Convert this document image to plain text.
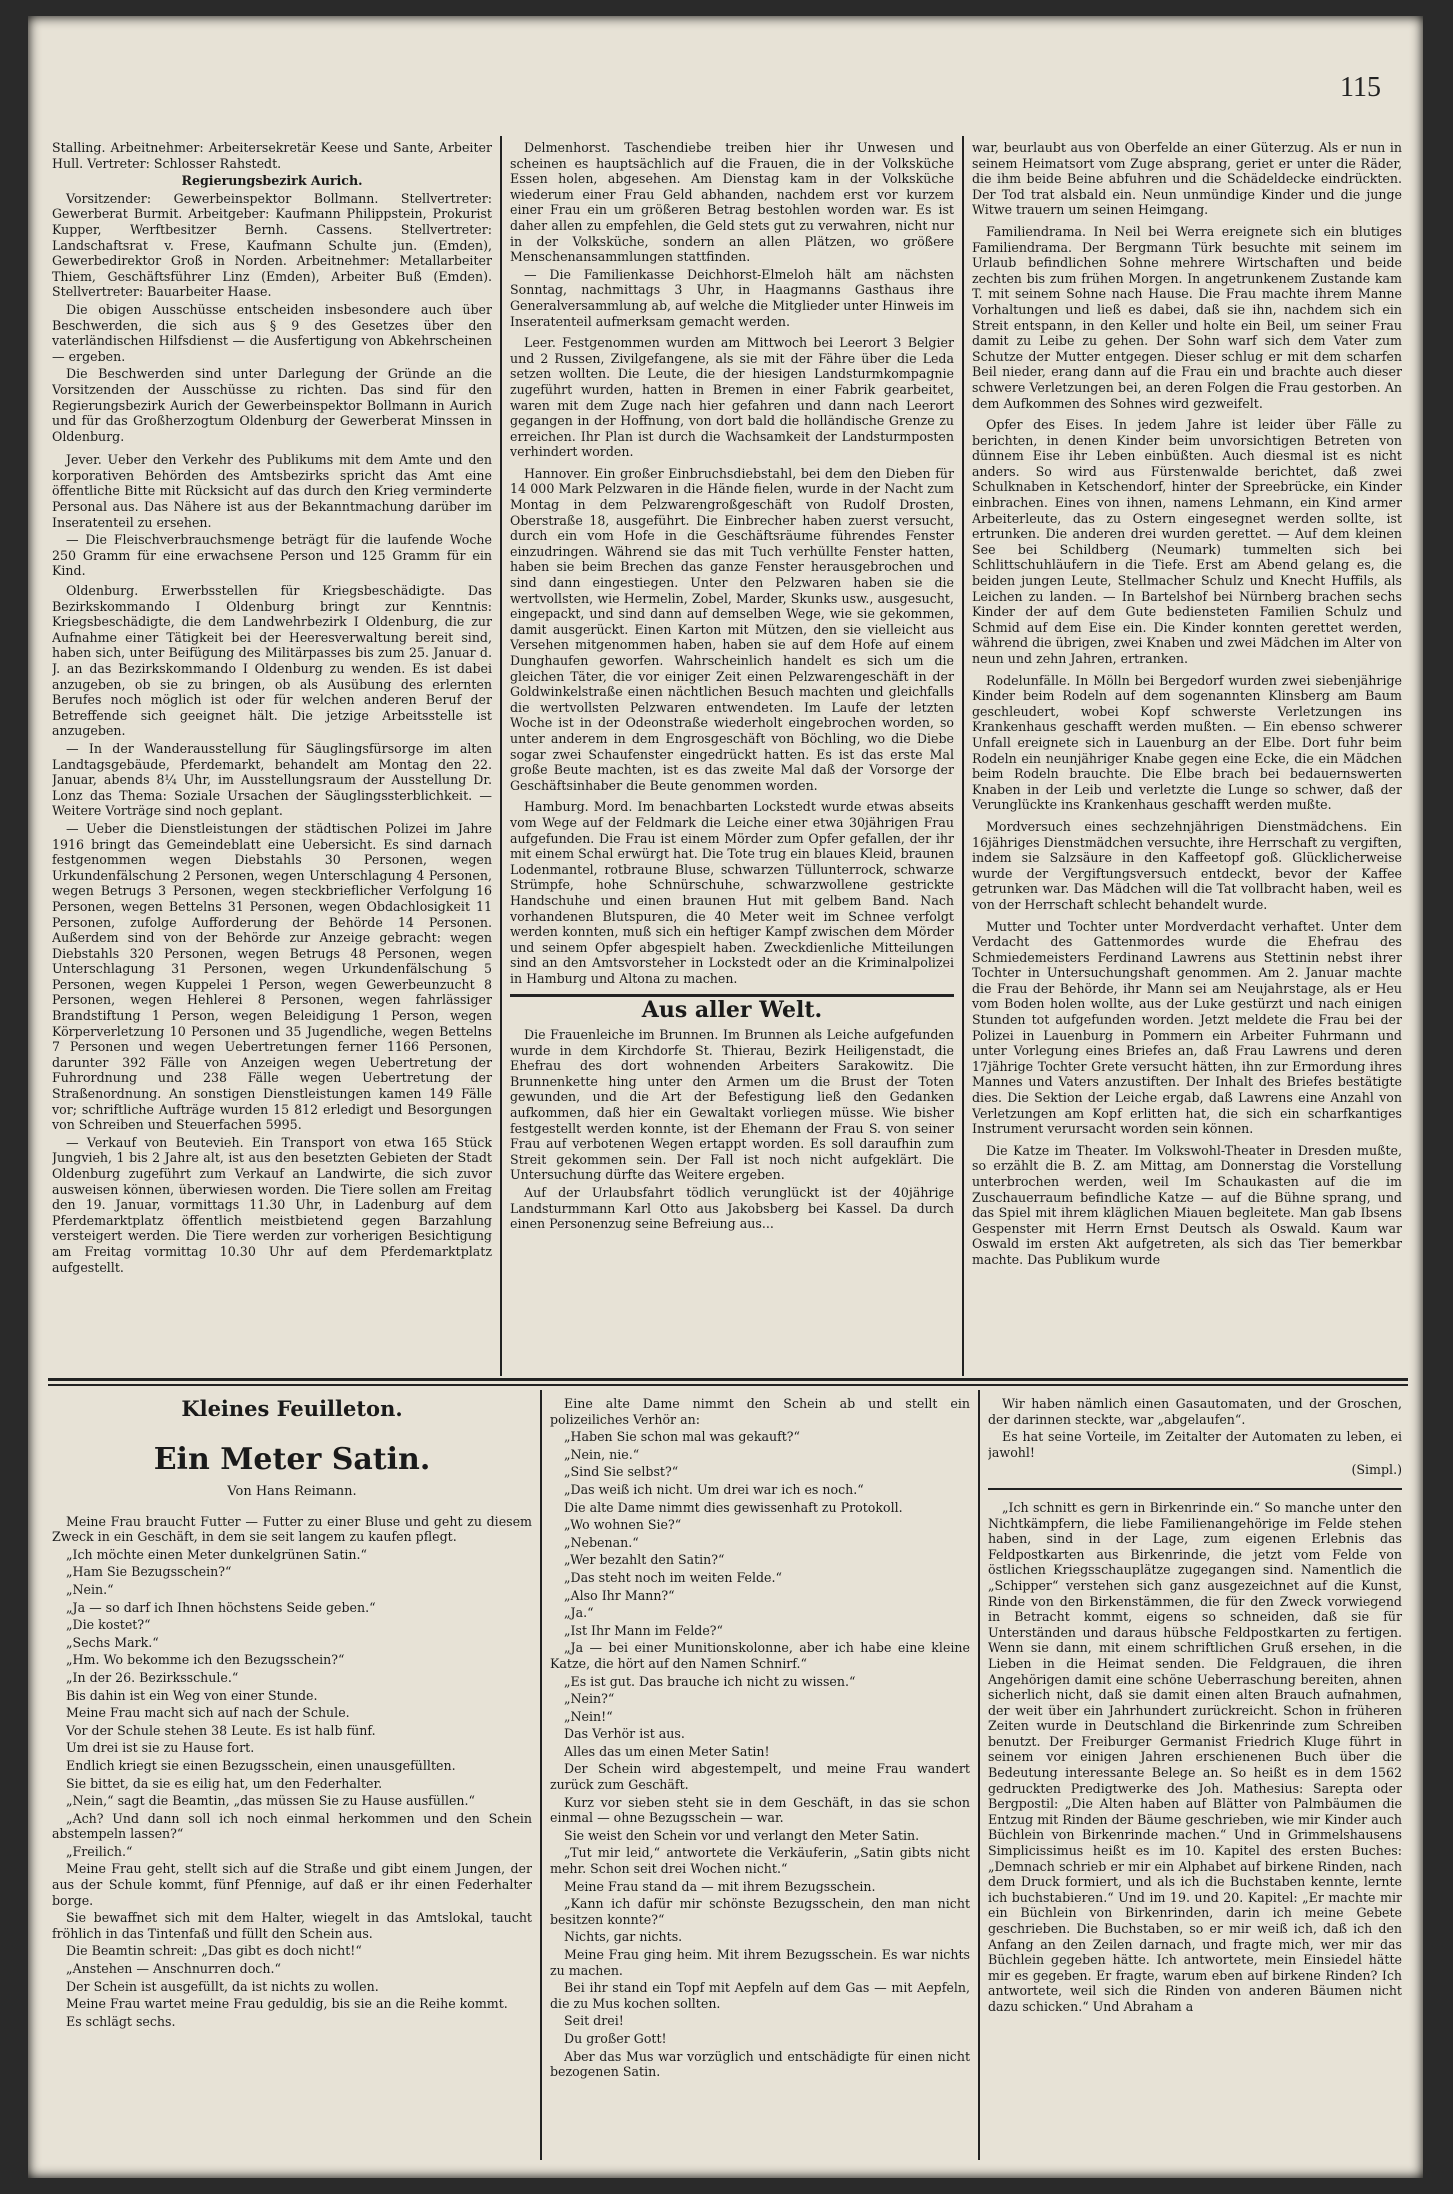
115

Stalling. Arbeitnehmer: Arbeitersekretär Keese und Sante, Arbeiter Hull. Vertreter: Schlosser Rahstedt.

Regierungsbezirk Aurich.

Vorsitzender: Gewerbeinspektor Bollmann. Stellvertreter: Gewerberat Burmit. Arbeitgeber: Kaufmann Philippstein, Prokurist Kupper, Werftbesitzer Bernh. Cassens. Stellvertreter: Landschaftsrat v. Frese, Kaufmann Schulte jun. (Emden), Gewerbedirektor Groß in Norden. Arbeitnehmer: Metallarbeiter Thiem, Geschäftsführer Linz (Emden), Arbeiter Buß (Emden). Stellvertreter: Bauarbeiter Haase.

Die obigen Ausschüsse entscheiden insbesondere auch über Beschwerden, die sich aus § 9 des Gesetzes über den vaterländischen Hilfsdienst — die Ausfertigung von Abkehrscheinen — ergeben.

Die Beschwerden sind unter Darlegung der Gründe an die Vorsitzenden der Ausschüsse zu richten. Das sind für den Regierungsbezirk Aurich der Gewerbeinspektor Bollmann in Aurich und für das Großherzogtum Oldenburg der Gewerberat Minssen in Oldenburg.

Jever. Ueber den Verkehr des Publikums mit dem Amte und den korporativen Behörden des Amtsbezirks spricht das Amt eine öffentliche Bitte mit Rücksicht auf das durch den Krieg verminderte Personal aus. Das Nähere ist aus der Bekanntmachung darüber im Inseratenteil zu ersehen.

— Die Fleischverbrauchsmenge beträgt für die laufende Woche 250 Gramm für eine erwachsene Person und 125 Gramm für ein Kind.

Oldenburg. Erwerbsstellen für Kriegsbeschädigte. Das Bezirkskommando I Oldenburg bringt zur Kenntnis: Kriegsbeschädigte, die dem Landwehrbezirk I Oldenburg, die zur Aufnahme einer Tätigkeit bei der Heeresverwaltung bereit sind, haben sich, unter Beifügung des Militärpasses bis zum 25. Januar d. J. an das Bezirkskommando I Oldenburg zu wenden. Es ist dabei anzugeben, ob sie zu bringen, ob als Ausübung des erlernten Berufes noch möglich ist oder für welchen anderen Beruf der Betreffende sich geeignet hält. Die jetzige Arbeitsstelle ist anzugeben.

— In der Wanderausstellung für Säuglingsfürsorge im alten Landtagsgebäude, Pferdemarkt, behandelt am Montag den 22. Januar, abends 8¼ Uhr, im Ausstellungsraum der Ausstellung Dr. Lonz das Thema: Soziale Ursachen der Säuglingssterblichkeit. — Weitere Vorträge sind noch geplant.

— Ueber die Dienstleistungen der städtischen Polizei im Jahre 1916 bringt das Gemeindeblatt eine Uebersicht. Es sind darnach festgenommen wegen Diebstahls 30 Personen, wegen Urkundenfälschung 2 Personen, wegen Unterschlagung 4 Personen, wegen Betrugs 3 Personen, wegen steckbrieflicher Verfolgung 16 Personen, wegen Bettelns 31 Personen, wegen Obdachlosigkeit 11 Personen, zufolge Aufforderung der Behörde 14 Personen. Außerdem sind von der Behörde zur Anzeige gebracht: wegen Diebstahls 320 Personen, wegen Betrugs 48 Personen, wegen Unterschlagung 31 Personen, wegen Urkundenfälschung 5 Personen, wegen Kuppelei 1 Person, wegen Gewerbeunzucht 8 Personen, wegen Hehlerei 8 Personen, wegen fahrlässiger Brandstiftung 1 Person, wegen Beleidigung 1 Person, wegen Körperverletzung 10 Personen und 35 Jugendliche, wegen Bettelns 7 Personen und wegen Uebertretungen ferner 1166 Personen, darunter 392 Fälle von Anzeigen wegen Uebertretung der Fuhrordnung und 238 Fälle wegen Uebertretung der Straßenordnung. An sonstigen Dienstleistungen kamen 149 Fälle vor; schriftliche Aufträge wurden 15 812 erledigt und Besorgungen von Schreiben und Steuerfachen 5995.

— Verkauf von Beutevieh. Ein Transport von etwa 165 Stück Jungvieh, 1 bis 2 Jahre alt, ist aus den besetzten Gebieten der Stadt Oldenburg zugeführt zum Verkauf an Landwirte, die sich zuvor ausweisen können, überwiesen worden. Die Tiere sollen am Freitag den 19. Januar, vormittags 11.30 Uhr, in Ladenburg auf dem Pferdemarktplatz öffentlich meistbietend gegen Barzahlung versteigert werden. Die Tiere werden zur vorherigen Besichtigung am Freitag vormittag 10.30 Uhr auf dem Pferdemarktplatz aufgestellt.

Delmenhorst. Taschendiebe treiben hier ihr Unwesen und scheinen es hauptsächlich auf die Frauen, die in der Volksküche Essen holen, abgesehen. Am Dienstag kam in der Volksküche wiederum einer Frau Geld abhanden, nachdem erst vor kurzem einer Frau ein um größeren Betrag bestohlen worden war. Es ist daher allen zu empfehlen, die Geld stets gut zu verwahren, nicht nur in der Volksküche, sondern an allen Plätzen, wo größere Menschenansammlungen stattfinden.

— Die Familienkasse Deichhorst-Elmeloh hält am nächsten Sonntag, nachmittags 3 Uhr, in Haagmanns Gasthaus ihre Generalversammlung ab, auf welche die Mitglieder unter Hinweis im Inseratenteil aufmerksam gemacht werden.

Leer. Festgenommen wurden am Mittwoch bei Leerort 3 Belgier und 2 Russen, Zivilgefangene, als sie mit der Fähre über die Leda setzen wollten. Die Leute, die der hiesigen Landsturmkompagnie zugeführt wurden, hatten in Bremen in einer Fabrik gearbeitet, waren mit dem Zuge nach hier gefahren und dann nach Leerort gegangen in der Hoffnung, von dort bald die holländische Grenze zu erreichen. Ihr Plan ist durch die Wachsamkeit der Landsturmposten verhindert worden.

Hannover. Ein großer Einbruchsdiebstahl, bei dem den Dieben für 14 000 Mark Pelzwaren in die Hände fielen, wurde in der Nacht zum Montag in dem Pelzwarengroßgeschäft von Rudolf Drosten, Oberstraße 18, ausgeführt. Die Einbrecher haben zuerst versucht, durch ein vom Hofe in die Geschäftsräume führendes Fenster einzudringen. Während sie das mit Tuch verhüllte Fenster hatten, haben sie beim Brechen das ganze Fenster herausgebrochen und sind dann eingestiegen. Unter den Pelzwaren haben sie die wertvollsten, wie Hermelin, Zobel, Marder, Skunks usw., ausgesucht, eingepackt, und sind dann auf demselben Wege, wie sie gekommen, damit ausgerückt. Einen Karton mit Mützen, den sie vielleicht aus Versehen mitgenommen haben, haben sie auf dem Hofe auf einem Dunghaufen geworfen. Wahrscheinlich handelt es sich um die gleichen Täter, die vor einiger Zeit einen Pelzwarengeschäft in der Goldwinkelstraße einen nächtlichen Besuch machten und gleichfalls die wertvollsten Pelzwaren entwendeten. Im Laufe der letzten Woche ist in der Odeonstraße wiederholt eingebrochen worden, so unter anderem in dem Engrosgeschäft von Böchling, wo die Diebe sogar zwei Schaufenster eingedrückt hatten. Es ist das erste Mal große Beute machten, ist es das zweite Mal daß der Vorsorge der Geschäftsinhaber die Beute genommen worden.

Hamburg. Mord. Im benachbarten Lockstedt wurde etwas abseits vom Wege auf der Feldmark die Leiche einer etwa 30jährigen Frau aufgefunden. Die Frau ist einem Mörder zum Opfer gefallen, der ihr mit einem Schal erwürgt hat. Die Tote trug ein blaues Kleid, braunen Lodenmantel, rotbraune Bluse, schwarzen Tüllunterrock, schwarze Strümpfe, hohe Schnürschuhe, schwarzwollene gestrickte Handschuhe und einen braunen Hut mit gelbem Band. Nach vorhandenen Blutspuren, die 40 Meter weit im Schnee verfolgt werden konnten, muß sich ein heftiger Kampf zwischen dem Mörder und seinem Opfer abgespielt haben. Zweckdienliche Mitteilungen sind an den Amtsvorsteher in Lockstedt oder an die Kriminalpolizei in Hamburg und Altona zu machen.

Aus aller Welt.

Die Frauenleiche im Brunnen. Im Brunnen als Leiche aufgefunden wurde in dem Kirchdorfe St. Thierau, Bezirk Heiligenstadt, die Ehefrau des dort wohnenden Arbeiters Sarakowitz. Die Brunnenkette hing unter den Armen um die Brust der Toten gewunden, und die Art der Befestigung ließ den Gedanken aufkommen, daß hier ein Gewaltakt vorliegen müsse. Wie bisher festgestellt werden konnte, ist der Ehemann der Frau S. von seiner Frau auf verbotenen Wegen ertappt worden. Es soll daraufhin zum Streit gekommen sein. Der Fall ist noch nicht aufgeklärt. Die Untersuchung dürfte das Weitere ergeben.

Auf der Urlaubsfahrt tödlich verunglückt ist der 40jährige Landsturmmann Karl Otto aus Jakobsberg bei Kassel. Da durch einen Personenzug seine Befreiung aus...

war, beurlaubt aus von Oberfelde an einer Güterzug. Als er nun in seinem Heimatsort vom Zuge absprang, geriet er unter die Räder, die ihm beide Beine abfuhren und die Schädeldecke eindrückten. Der Tod trat alsbald ein. Neun unmündige Kinder und die junge Witwe trauern um seinen Heimgang.

Familiendrama. In Neil bei Werra ereignete sich ein blutiges Familiendrama. Der Bergmann Türk besuchte mit seinem im Urlaub befindlichen Sohne mehrere Wirtschaften und beide zechten bis zum frühen Morgen. In angetrunkenem Zustande kam T. mit seinem Sohne nach Hause. Die Frau machte ihrem Manne Vorhaltungen und ließ es dabei, daß sie ihn, nachdem sich ein Streit entspann, in den Keller und holte ein Beil, um seiner Frau damit zu Leibe zu gehen. Der Sohn warf sich dem Vater zum Schutze der Mutter entgegen. Dieser schlug er mit dem scharfen Beil nieder, erang dann auf die Frau ein und brachte auch dieser schwere Verletzungen bei, an deren Folgen die Frau gestorben. An dem Aufkommen des Sohnes wird gezweifelt.

Opfer des Eises. In jedem Jahre ist leider über Fälle zu berichten, in denen Kinder beim unvorsichtigen Betreten von dünnem Eise ihr Leben einbüßten. Auch diesmal ist es nicht anders. So wird aus Fürstenwalde berichtet, daß zwei Schulknaben in Ketschendorf, hinter der Spreebrücke, ein Kinder einbrachen. Eines von ihnen, namens Lehmann, ein Kind armer Arbeiterleute, das zu Ostern eingesegnet werden sollte, ist ertrunken. Die anderen drei wurden gerettet. — Auf dem kleinen See bei Schildberg (Neumark) tummelten sich bei Schlittschuhläufern in die Tiefe. Erst am Abend gelang es, die beiden jungen Leute, Stellmacher Schulz und Knecht Huffils, als Leichen zu landen. — In Bartelshof bei Nürnberg brachen sechs Kinder der auf dem Gute bediensteten Familien Schulz und Schmid auf dem Eise ein. Die Kinder konnten gerettet werden, während die übrigen, zwei Knaben und zwei Mädchen im Alter von neun und zehn Jahren, ertranken.

Rodelunfälle. In Mölln bei Bergedorf wurden zwei siebenjährige Kinder beim Rodeln auf dem sogenannten Klinsberg am Baum geschleudert, wobei Kopf schwerste Verletzungen ins Krankenhaus geschafft werden mußten. — Ein ebenso schwerer Unfall ereignete sich in Lauenburg an der Elbe. Dort fuhr beim Rodeln ein neunjähriger Knabe gegen eine Ecke, die ein Mädchen beim Rodeln brauchte. Die Elbe brach bei bedauernswerten Knaben in der Leib und verletzte die Lunge so schwer, daß der Verunglückte ins Krankenhaus geschafft werden mußte.

Mordversuch eines sechzehnjährigen Dienstmädchens. Ein 16jähriges Dienstmädchen versuchte, ihre Herrschaft zu vergiften, indem sie Salzsäure in den Kaffeetopf goß. Glücklicherweise wurde der Vergiftungsversuch entdeckt, bevor der Kaffee getrunken war. Das Mädchen will die Tat vollbracht haben, weil es von der Herrschaft schlecht behandelt wurde.

Mutter und Tochter unter Mordverdacht verhaftet. Unter dem Verdacht des Gattenmordes wurde die Ehefrau des Schmiedemeisters Ferdinand Lawrens aus Stettinin nebst ihrer Tochter in Untersuchungshaft genommen. Am 2. Januar machte die Frau der Behörde, ihr Mann sei am Neujahrstage, als er Heu vom Boden holen wollte, aus der Luke gestürzt und nach einigen Stunden tot aufgefunden worden. Jetzt meldete die Frau bei der Polizei in Lauenburg in Pommern ein Arbeiter Fuhrmann und unter Vorlegung eines Briefes an, daß Frau Lawrens und deren 17jährige Tochter Grete versucht hätten, ihn zur Ermordung ihres Mannes und Vaters anzustiften. Der Inhalt des Briefes bestätigte dies. Die Sektion der Leiche ergab, daß Lawrens eine Anzahl von Verletzungen am Kopf erlitten hat, die sich ein scharfkantiges Instrument verursacht worden sein können.

Die Katze im Theater. Im Volkswohl-Theater in Dresden mußte, so erzählt die B. Z. am Mittag, am Donnerstag die Vorstellung unterbrochen werden, weil Im Schaukasten auf die im Zuschauerraum befindliche Katze — auf die Bühne sprang, und das Spiel mit ihrem kläglichen Miauen begleitete. Man gab Ibsens Gespenster mit Herrn Ernst Deutsch als Oswald. Kaum war Oswald im ersten Akt aufgetreten, als sich das Tier bemerkbar machte. Das Publikum wurde

Kleines Feuilleton.
Ein Meter Satin.
Von Hans Reimann.

Meine Frau braucht Futter — Futter zu einer Bluse und geht zu diesem Zweck in ein Geschäft, in dem sie seit langem zu kaufen pflegt.

„Ich möchte einen Meter dunkelgrünen Satin.“

„Ham Sie Bezugsschein?“

„Nein.“

„Ja — so darf ich Ihnen höchstens Seide geben.“

„Die kostet?“

„Sechs Mark.“

„Hm. Wo bekomme ich den Bezugsschein?“

„In der 26. Bezirksschule.“

Bis dahin ist ein Weg von einer Stunde.

Meine Frau macht sich auf nach der Schule.

Vor der Schule stehen 38 Leute. Es ist halb fünf.

Um drei ist sie zu Hause fort.

Endlich kriegt sie einen Bezugsschein, einen unausgefüllten.

Sie bittet, da sie es eilig hat, um den Federhalter.

„Nein,“ sagt die Beamtin, „das müssen Sie zu Hause ausfüllen.“

„Ach? Und dann soll ich noch einmal herkommen und den Schein abstempeln lassen?“

„Freilich.“

Meine Frau geht, stellt sich auf die Straße und gibt einem Jungen, der aus der Schule kommt, fünf Pfennige, auf daß er ihr einen Federhalter borge.

Sie bewaffnet sich mit dem Halter, wiegelt in das Amtslokal, taucht fröhlich in das Tintenfaß und füllt den Schein aus.

Die Beamtin schreit: „Das gibt es doch nicht!“

„Anstehen — Anschnurren doch.“

Der Schein ist ausgefüllt, da ist nichts zu wollen.

Meine Frau wartet meine Frau geduldig, bis sie an die Reihe kommt.

Es schlägt sechs.

Eine alte Dame nimmt den Schein ab und stellt ein polizeiliches Verhör an:

„Haben Sie schon mal was gekauft?“

„Nein, nie.“

„Sind Sie selbst?“

„Das weiß ich nicht. Um drei war ich es noch.“

Die alte Dame nimmt dies gewissenhaft zu Protokoll.

„Wo wohnen Sie?“

„Nebenan.“

„Wer bezahlt den Satin?“

„Das steht noch im weiten Felde.“

„Also Ihr Mann?“

„Ja.“

„Ist Ihr Mann im Felde?“

„Ja — bei einer Munitionskolonne, aber ich habe eine kleine Katze, die hört auf den Namen Schnirf.“

„Es ist gut. Das brauche ich nicht zu wissen.“

„Nein?“

„Nein!“

Das Verhör ist aus.

Alles das um einen Meter Satin!

Der Schein wird abgestempelt, und meine Frau wandert zurück zum Geschäft.

Kurz vor sieben steht sie in dem Geschäft, in das sie schon einmal — ohne Bezugsschein — war.

Sie weist den Schein vor und verlangt den Meter Satin.

„Tut mir leid,“ antwortete die Verkäuferin, „Satin gibts nicht mehr. Schon seit drei Wochen nicht.“

Meine Frau stand da — mit ihrem Bezugsschein.

„Kann ich dafür mir schönste Bezugsschein, den man nicht besitzen konnte?“

Nichts, gar nichts.

Meine Frau ging heim. Mit ihrem Bezugsschein. Es war nichts zu machen.

Bei ihr stand ein Topf mit Aepfeln auf dem Gas — mit Aepfeln, die zu Mus kochen sollten.

Seit drei!

Du großer Gott!

Aber das Mus war vorzüglich und entschädigte für einen nicht bezogenen Satin.

Wir haben nämlich einen Gasautomaten, und der Groschen, der darinnen steckte, war „abgelaufen“.

Es hat seine Vorteile, im Zeitalter der Automaten zu leben, ei jawohl!

(Simpl.)

„Ich schnitt es gern in Birkenrinde ein.“ So manche unter den Nichtkämpfern, die liebe Familienangehörige im Felde stehen haben, sind in der Lage, zum eigenen Erlebnis das Feldpostkarten aus Birkenrinde, die jetzt vom Felde von östlichen Kriegsschauplätze zugegangen sind. Namentlich die „Schipper“ verstehen sich ganz ausgezeichnet auf die Kunst, Rinde von den Birkenstämmen, die für den Zweck vorwiegend in Betracht kommt, eigens so schneiden, daß sie für Unterständen und daraus hübsche Feldpostkarten zu fertigen. Wenn sie dann, mit einem schriftlichen Gruß ersehen, in die Lieben in die Heimat senden. Die Feldgrauen, die ihren Angehörigen damit eine schöne Ueberraschung bereiten, ahnen sicherlich nicht, daß sie damit einen alten Brauch aufnahmen, der weit über ein Jahrhundert zurückreicht. Schon in früheren Zeiten wurde in Deutschland die Birkenrinde zum Schreiben benutzt. Der Freiburger Germanist Friedrich Kluge führt in seinem vor einigen Jahren erschienenen Buch über die Bedeutung interessante Belege an. So heißt es in dem 1562 gedruckten Predigtwerke des Joh. Mathesius: Sarepta oder Bergpostil: „Die Alten haben auf Blätter von Palmbäumen die Entzug mit Rinden der Bäume geschrieben, wie mir Kinder auch Büchlein von Birkenrinde machen.“ Und in Grimmelshausens Simplicissimus heißt es im 10. Kapitel des ersten Buches: „Demnach schrieb er mir ein Alphabet auf birkene Rinden, nach dem Druck formiert, und als ich die Buchstaben kennte, lernte ich buchstabieren.“ Und im 19. und 20. Kapitel: „Er machte mir ein Büchlein von Birkenrinden, darin ich meine Gebete geschrieben. Die Buchstaben, so er mir weiß ich, daß ich den Anfang an den Zeilen darnach, und fragte mich, wer mir das Büchlein gegeben hätte. Ich antwortete, mein Einsiedel hätte mir es gegeben. Er fragte, warum eben auf birkene Rinden? Ich antwortete, weil sich die Rinden von anderen Bäumen nicht dazu schicken.“ Und Abraham a
